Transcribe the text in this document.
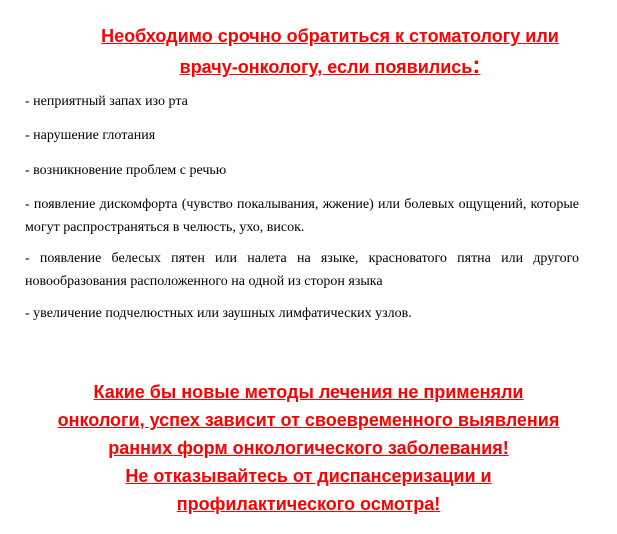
Необходимо срочно обратиться к стоматологу или
врачу-онкологу, если появились:
- неприятный запах изо рта
- нарушение глотания
- возникновение проблем с речью
- появление дискомфорта (чувство покалывания, жжение) или болевых ощущений, которые могут распространяться в челюсть, ухо, висок.
- появление белесых пятен или налета на языке, красноватого пятна или другого новообразования расположенного на одной из сторон языка
- увеличение подчелюстных или заушных лимфатических узлов.
Какие бы новые методы лечения не применяли
онкологи, успех зависит от своевременного выявления
ранних форм онкологического заболевания!
Не отказывайтесь от диспансеризации и
профилактического осмотра!
